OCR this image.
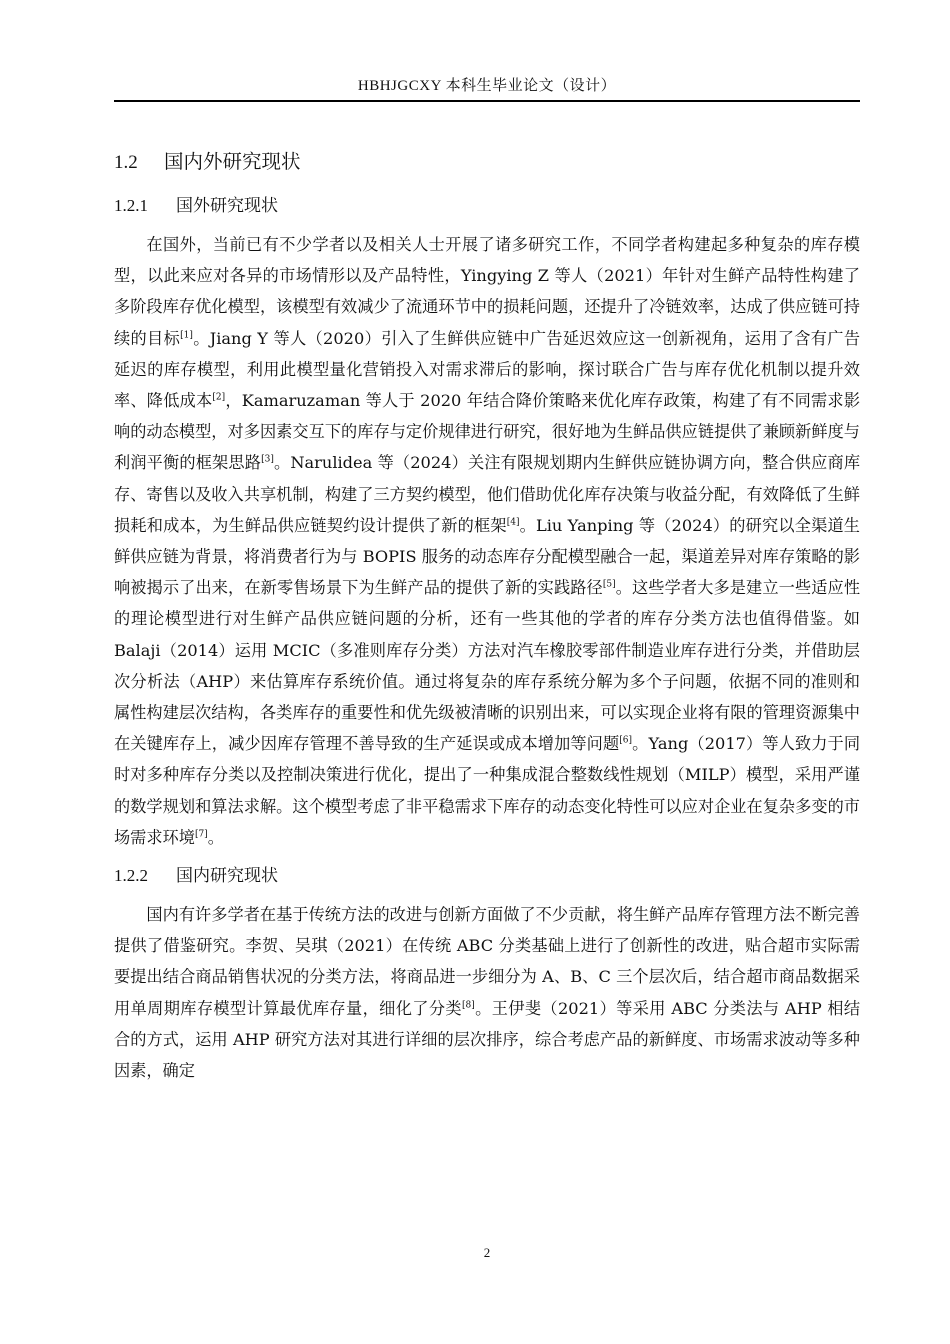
HBHJGCXY 本科生毕业论文（设计）
1.2 国内外研究现状
1.2.1 国外研究现状

在国外，当前已有不少学者以及相关人士开展了诸多研究工作，不同学者构建起多种复杂的库存模型，以此来应对各异的市场情形以及产品特性，Yingying Z 等人（2021）年针对生鲜产品特性构建了多阶段库存优化模型，该模型有效减少了流通环节中的损耗问题，还提升了冷链效率，达成了供应链可持续的目标[1]。Jiang Y 等人（2020）引入了生鲜供应链中广告延迟效应这一创新视角，运用了含有广告延迟的库存模型，利用此模型量化营销投入对需求滞后的影响，探讨联合广告与库存优化机制以提升效率、降低成本[2]，Kamaruzaman 等人于 2020 年结合降价策略来优化库存政策，构建了有不同需求影响的动态模型，对多因素交互下的库存与定价规律进行研究，很好地为生鲜品供应链提供了兼顾新鲜度与利润平衡的框架思路[3]。Narulidea 等（2024）关注有限规划期内生鲜供应链协调方向，整合供应商库存、寄售以及收入共享机制，构建了三方契约模型，他们借助优化库存决策与收益分配，有效降低了生鲜损耗和成本，为生鲜品供应链契约设计提供了新的框架[4]。Liu Yanping 等（2024）的研究以全渠道生鲜供应链为背景，将消费者行为与 BOPIS 服务的动态库存分配模型融合一起，渠道差异对库存策略的影响被揭示了出来，在新零售场景下为生鲜产品的提供了新的实践路径[5]。这些学者大多是建立一些适应性的理论模型进行对生鲜产品供应链问题的分析，还有一些其他的学者的库存分类方法也值得借鉴。如 Balaji（2014）运用 MCIC（多准则库存分类）方法对汽车橡胶零部件制造业库存进行分类，并借助层次分析法（AHP）来估算库存系统价值。通过将复杂的库存系统分解为多个子问题，依据不同的准则和属性构建层次结构，各类库存的重要性和优先级被清晰的识别出来，可以实现企业将有限的管理资源集中在关键库存上，减少因库存管理不善导致的生产延误或成本增加等问题[6]。Yang（2017）等人致力于同时对多种库存分类以及控制决策进行优化，提出了一种集成混合整数线性规划（MILP）模型，采用严谨的数学规划和算法求解。这个模型考虑了非平稳需求下库存的动态变化特性可以应对企业在复杂多变的市场需求环境[7]。

1.2.2 国内研究现状

国内有许多学者在基于传统方法的改进与创新方面做了不少贡献，将生鲜产品库存管理方法不断完善提供了借鉴研究。李贺、吴琪（2021）在传统 ABC 分类基础上进行了创新性的改进，贴合超市实际需要提出结合商品销售状况的分类方法，将商品进一步细分为 A、B、C 三个层次后，结合超市商品数据采用单周期库存模型计算最优库存量，细化了分类[8]。王伊斐（2021）等采用 ABC 分类法与 AHP 相结合的方式，运用 AHP 研究方法对其进行详细的层次排序，综合考虑产品的新鲜度、市场需求波动等多种因素，确定

2
